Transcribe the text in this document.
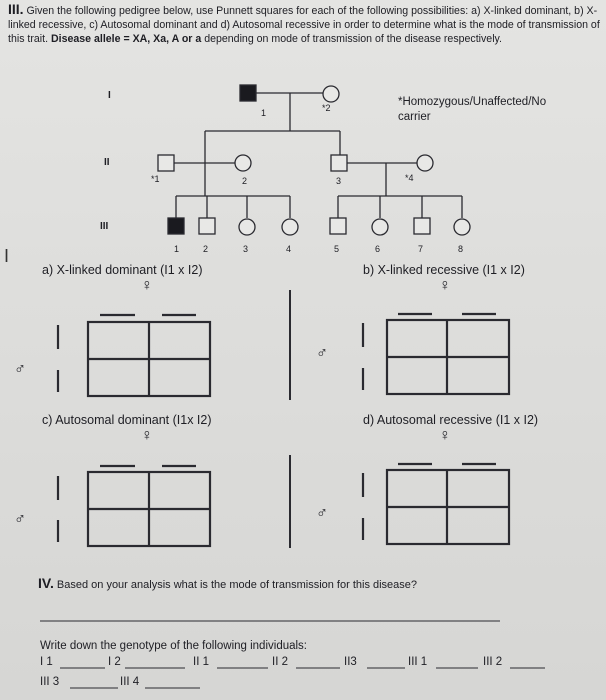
III. Given the following pedigree below, use Punnett squares for each of the following possibilities: a) X-linked dominant, b) X-linked recessive, c) Autosomal dominant and d) Autosomal recessive in order to determine what is the mode of transmission of this trait. Disease allele = XA, Xa, A or a depending on mode of transmission of the disease respectively.

*Homozygous/Unaffected/No
carrier

I

II

III

1	*2

*1	2	3	*4

1	2	3	4	5	6	7	8

I

a) X-linked dominant (I1 x I2)	b) X-linked recessive (I1 x I2)

c) Autosomal dominant (I1x I2)	d) Autosomal recessive (I1 x I2)

♀	♀

♀	♀

♂

♂

♂	♂

IV. Based on your analysis what is the mode of transmission for this disease?

Write down the genotype of the following individuals:

I 1	I 2	II 1	II 2	II3	III 1	III 2

III 3	III 4
